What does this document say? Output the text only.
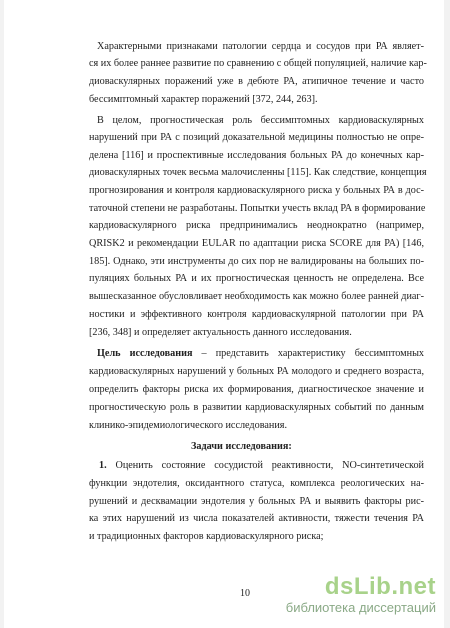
Цель исследования – представить характеристику бессимптомных
Задачи исследования:
1. Оценить состояние сосудистой реактивности, NO-синтетической
Характерными признаками патологии сердца и сосудов при РА являет-
ся их более раннее развитие по сравнению с общей популяцией, наличие кар-
диоваскулярных поражений уже в дебюте РА, атипичное течение и часто
бессимптомный характер поражений [372, 244, 263].
В целом, прогностическая роль бессимптомных кардиоваскулярных
нарушений при РА с позиций доказательной медицины полностью не опре-
делена [116] и проспективные исследования больных РА до конечных кар-
диоваскулярных точек весьма малочисленны [115]. Как следствие, концепция
прогнозирования и контроля кардиоваскулярного риска у больных РА в дос-
таточной степени не разработаны. Попытки учесть вклад РА в формирование
кардиоваскулярного риска предпринимались неоднократно (например,
QRISK2 и рекомендации EULAR по адаптации риска SCORE для РА) [146,
185]. Однако, эти инструменты до сих пор не валидированы на больших по-
пуляциях больных РА и их прогностическая ценность не определена. Все
вышесказанное обусловливает необходимость как можно более ранней диаг-
ностики и эффективного контроля кардиоваскулярной патологии при РА
[236, 348] и определяет актуальность данного исследования.
кардиоваскулярных нарушений у больных РА молодого и среднего возраста,
определить факторы риска их формирования, диагностическое значение и
прогностическую роль в развитии кардиоваскулярных событий по данным
клинико-эпидемиологического исследования.
функции эндотелия, оксидантного статуса, комплекса реологических на-
рушений и десквамации эндотелия у больных РА и выявить факторы рис-
ка этих нарушений из числа показателей активности, тяжести течения РА
и традиционных факторов кардиоваскулярного риска;
10	dsLib.net
библиотека диссертаций
